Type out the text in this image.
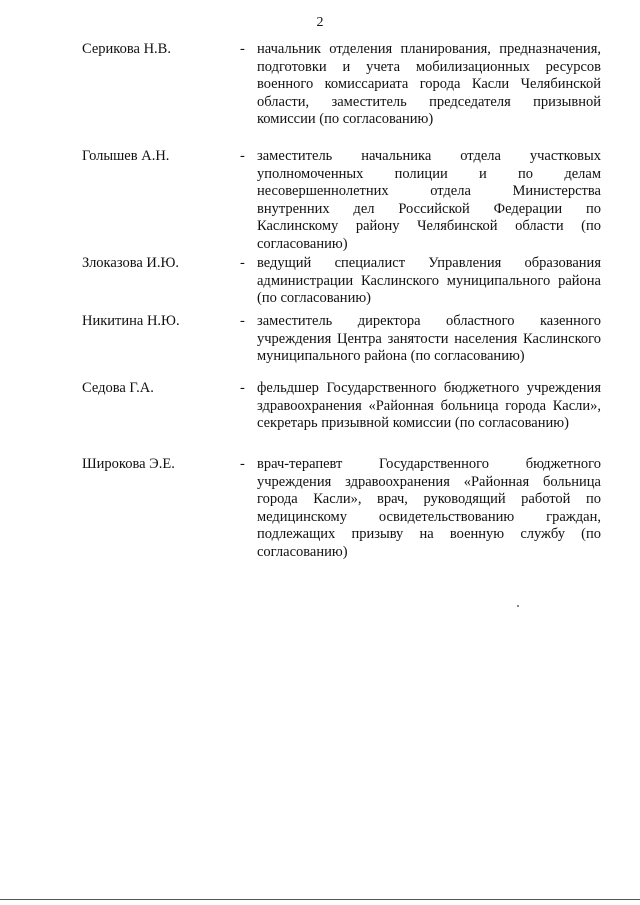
2
Серикова Н.В.	- начальник отделения планирования, предназначения, подготовки и учета мобилизационных ресурсов военного комиссариата города Касли Челябинской области, заместитель председателя призывной комиссии (по согласованию)
Голышев А.Н.	- заместитель начальника отдела участковых уполномоченных полиции и по делам несовершеннолетних отдела Министерства внутренних дел Российской Федерации по Каслинскому району Челябинской области (по согласованию)
Злоказова И.Ю.	- ведущий специалист Управления образования администрации Каслинского муниципального района (по согласованию)
Никитина Н.Ю.	- заместитель директора областного казенного учреждения Центра занятости населения Каслинского муниципального района (по согласованию)
Седова Г.А.	- фельдшер Государственного бюджетного учреждения здравоохранения «Районная больница города Касли», секретарь призывной комиссии (по согласованию)
Широкова Э.Е.	- врач-терапевт Государственного бюджетного учреждения здравоохранения «Районная больница города Касли», врач, руководящий работой по медицинскому освидетельствованию граждан, подлежащих призыву на военную службу (по согласованию)
